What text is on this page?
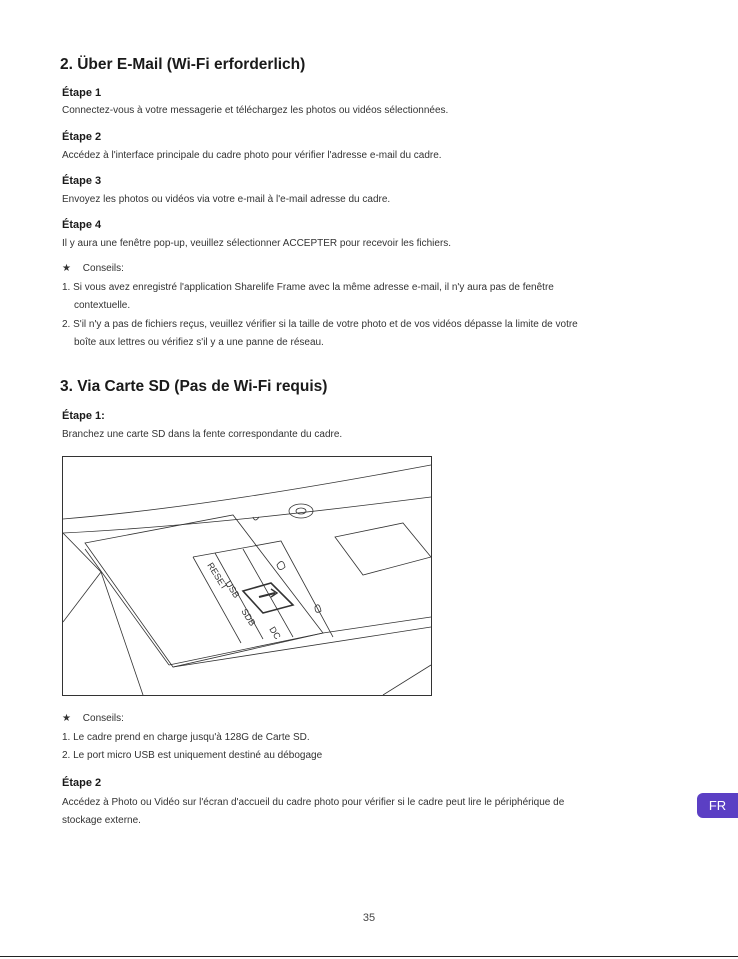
2. Über E-Mail (Wi-Fi erforderlich)
Étape 1
Connectez-vous à votre messagerie et téléchargez les photos ou vidéos sélectionnées.
Étape 2
Accédez à l'interface principale du cadre photo pour vérifier l'adresse e-mail du cadre.
Étape 3
Envoyez les photos ou vidéos via votre e-mail à l'e-mail adresse du cadre.
Étape 4
Il y aura une fenêtre pop-up, veuillez sélectionner ACCEPTER pour recevoir les fichiers.
★ Conseils:
1. Si vous avez enregistré l'application Sharelife Frame avec la même adresse e-mail, il n'y aura pas de fenêtre
contextuelle.
2. S'il n'y a pas de fichiers reçus, veuillez vérifier si la taille de votre photo et de vos vidéos dépasse la limite de votre
boîte aux lettres ou vérifiez s'il y a une panne de réseau.
3. Via Carte SD (Pas de Wi-Fi requis)
Étape 1:
Branchez une carte SD dans la fente correspondante du cadre.
RESET
USB
SDB
DC
★ Conseils:
1. Le cadre prend en charge jusqu'à 128G de Carte SD.
2. Le port micro USB est uniquement destiné au débogage
Étape 2
Accédez à Photo ou Vidéo sur l'écran d'accueil du cadre photo pour vérifier si le cadre peut lire le périphérique de
stockage externe.
FR
35
